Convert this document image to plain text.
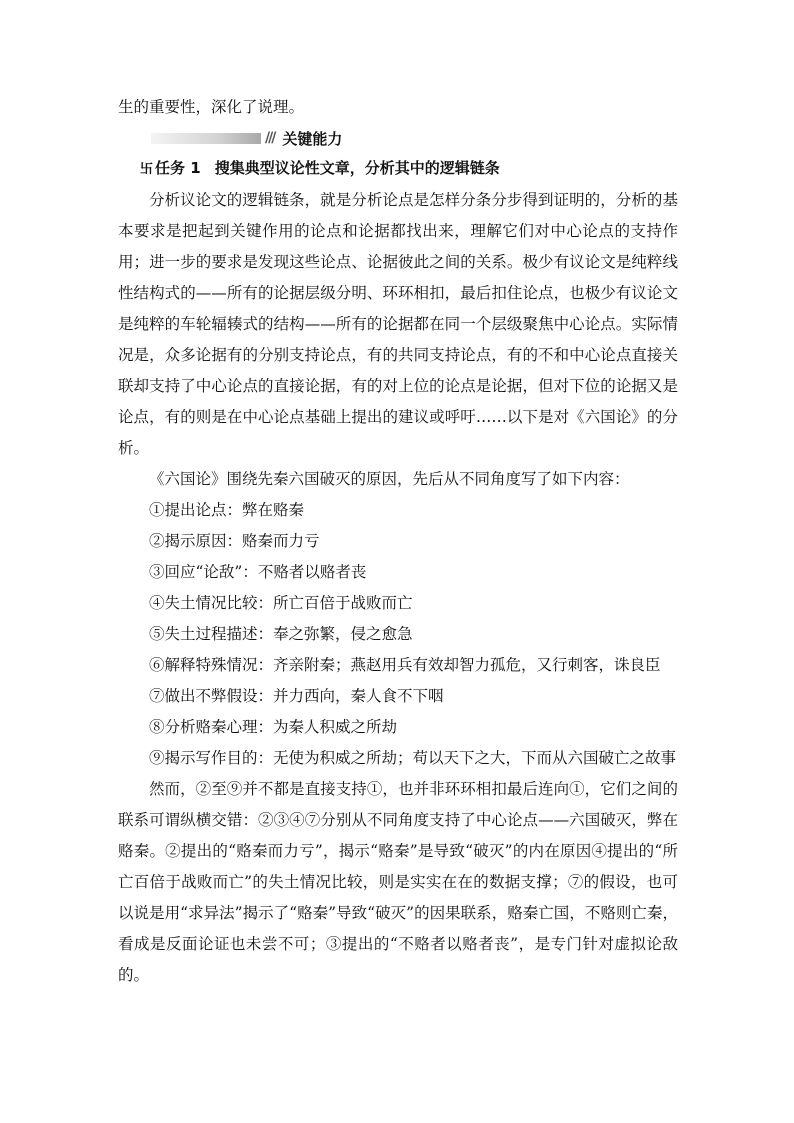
生的重要性，深化了说理。
/// 关键能力
卐 任务 1 搜集典型议论性文章，分析其中的逻辑链条

分析议论文的逻辑链条，就是分析论点是怎样分条分步得到证明的，分析的基本要求是把起到关键作用的论点和论据都找出来，理解它们对中心论点的支持作用；进一步的要求是发现这些论点、论据彼此之间的关系。极少有议论文是纯粹线性结构式的——所有的论据层级分明、环环相扣，最后扣住论点，也极少有议论文是纯粹的车轮辐辏式的结构——所有的论据都在同一个层级聚焦中心论点。实际情况是，众多论据有的分别支持论点，有的共同支持论点，有的不和中心论点直接关联却支持了中心论点的直接论据，有的对上位的论点是论据，但对下位的论据又是论点，有的则是在中心论点基础上提出的建议或呼吁……以下是对《六国论》的分析。

《六国论》围绕先秦六国破灭的原因，先后从不同角度写了如下内容：

①提出论点：弊在赂秦
②揭示原因：赂秦而力亏
③回应“论敌”：不赂者以赂者丧
④失土情况比较：所亡百倍于战败而亡
⑤失土过程描述：奉之弥繁，侵之愈急
⑥解释特殊情况：齐亲附秦；燕赵用兵有效却智力孤危，又行刺客，诛良臣
⑦做出不弊假设：并力西向，秦人食不下咽
⑧分析赂秦心理：为秦人积威之所劫

⑨揭示写作目的：无使为积威之所劫；苟以天下之大，下而从六国破亡之故事

然而，②至⑨并不都是直接支持①，也并非环环相扣最后连向①，它们之间的联系可谓纵横交错：②③④⑦分别从不同角度支持了中心论点——六国破灭，弊在赂秦。②提出的“赂秦而力亏”，揭示“赂秦”是导致“破灭”的内在原因④提出的“所亡百倍于战败而亡”的失土情况比较，则是实实在在的数据支撑；⑦的假设，也可以说是用“求异法”揭示了“赂秦”导致“破灭”的因果联系，赂秦亡国，不赂则亡秦，看成是反面论证也未尝不可；③提出的“不赂者以赂者丧”，是专门针对虚拟论敌的。
